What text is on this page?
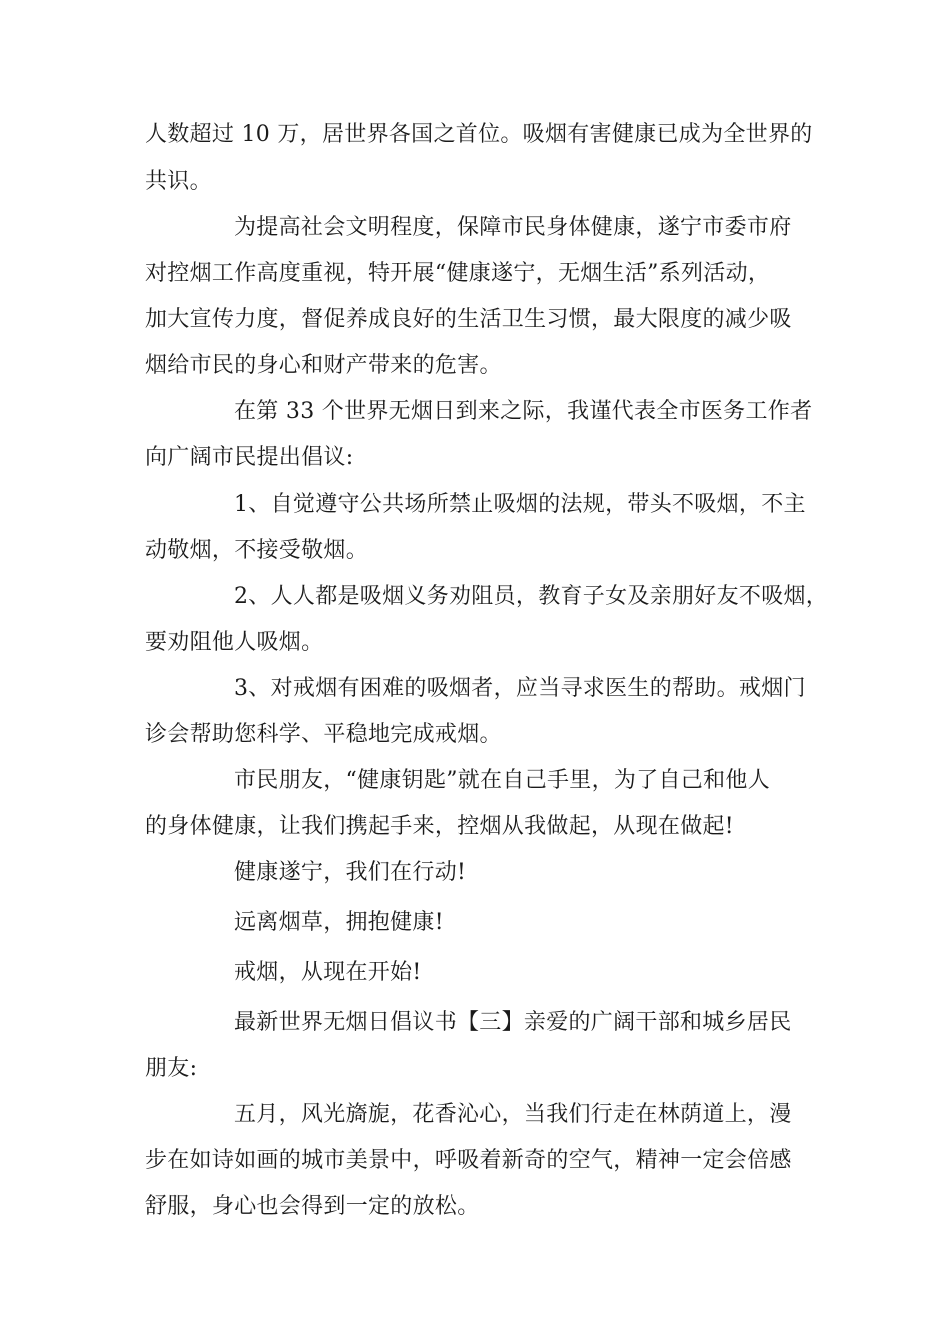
人数超过 10 万，居世界各国之首位。吸烟有害健康已成为全世界的
共识。
为提高社会文明程度，保障市民身体健康，遂宁市委市府
对控烟工作高度重视，特开展“健康遂宁，无烟生活”系列活动，
加大宣传力度，督促养成良好的生活卫生习惯，最大限度的减少吸
烟给市民的身心和财产带来的危害。
在第 33 个世界无烟日到来之际，我谨代表全市医务工作者
向广阔市民提出倡议:
1、自觉遵守公共场所禁止吸烟的法规，带头不吸烟，不主
动敬烟，不接受敬烟。
2、人人都是吸烟义务劝阻员，教育子女及亲朋好友不吸烟，
要劝阻他人吸烟。
3、对戒烟有困难的吸烟者，应当寻求医生的帮助。戒烟门
诊会帮助您科学、平稳地完成戒烟。
市民朋友，“健康钥匙”就在自己手里，为了自己和他人
的身体健康，让我们携起手来，控烟从我做起，从现在做起!
健康遂宁，我们在行动!
远离烟草，拥抱健康!
戒烟，从现在开始!
最新世界无烟日倡议书【三】亲爱的广阔干部和城乡居民
朋友:
五月，风光旖旎，花香沁心，当我们行走在林荫道上，漫
步在如诗如画的城市美景中，呼吸着新奇的空气，精神一定会倍感
舒服，身心也会得到一定的放松。
